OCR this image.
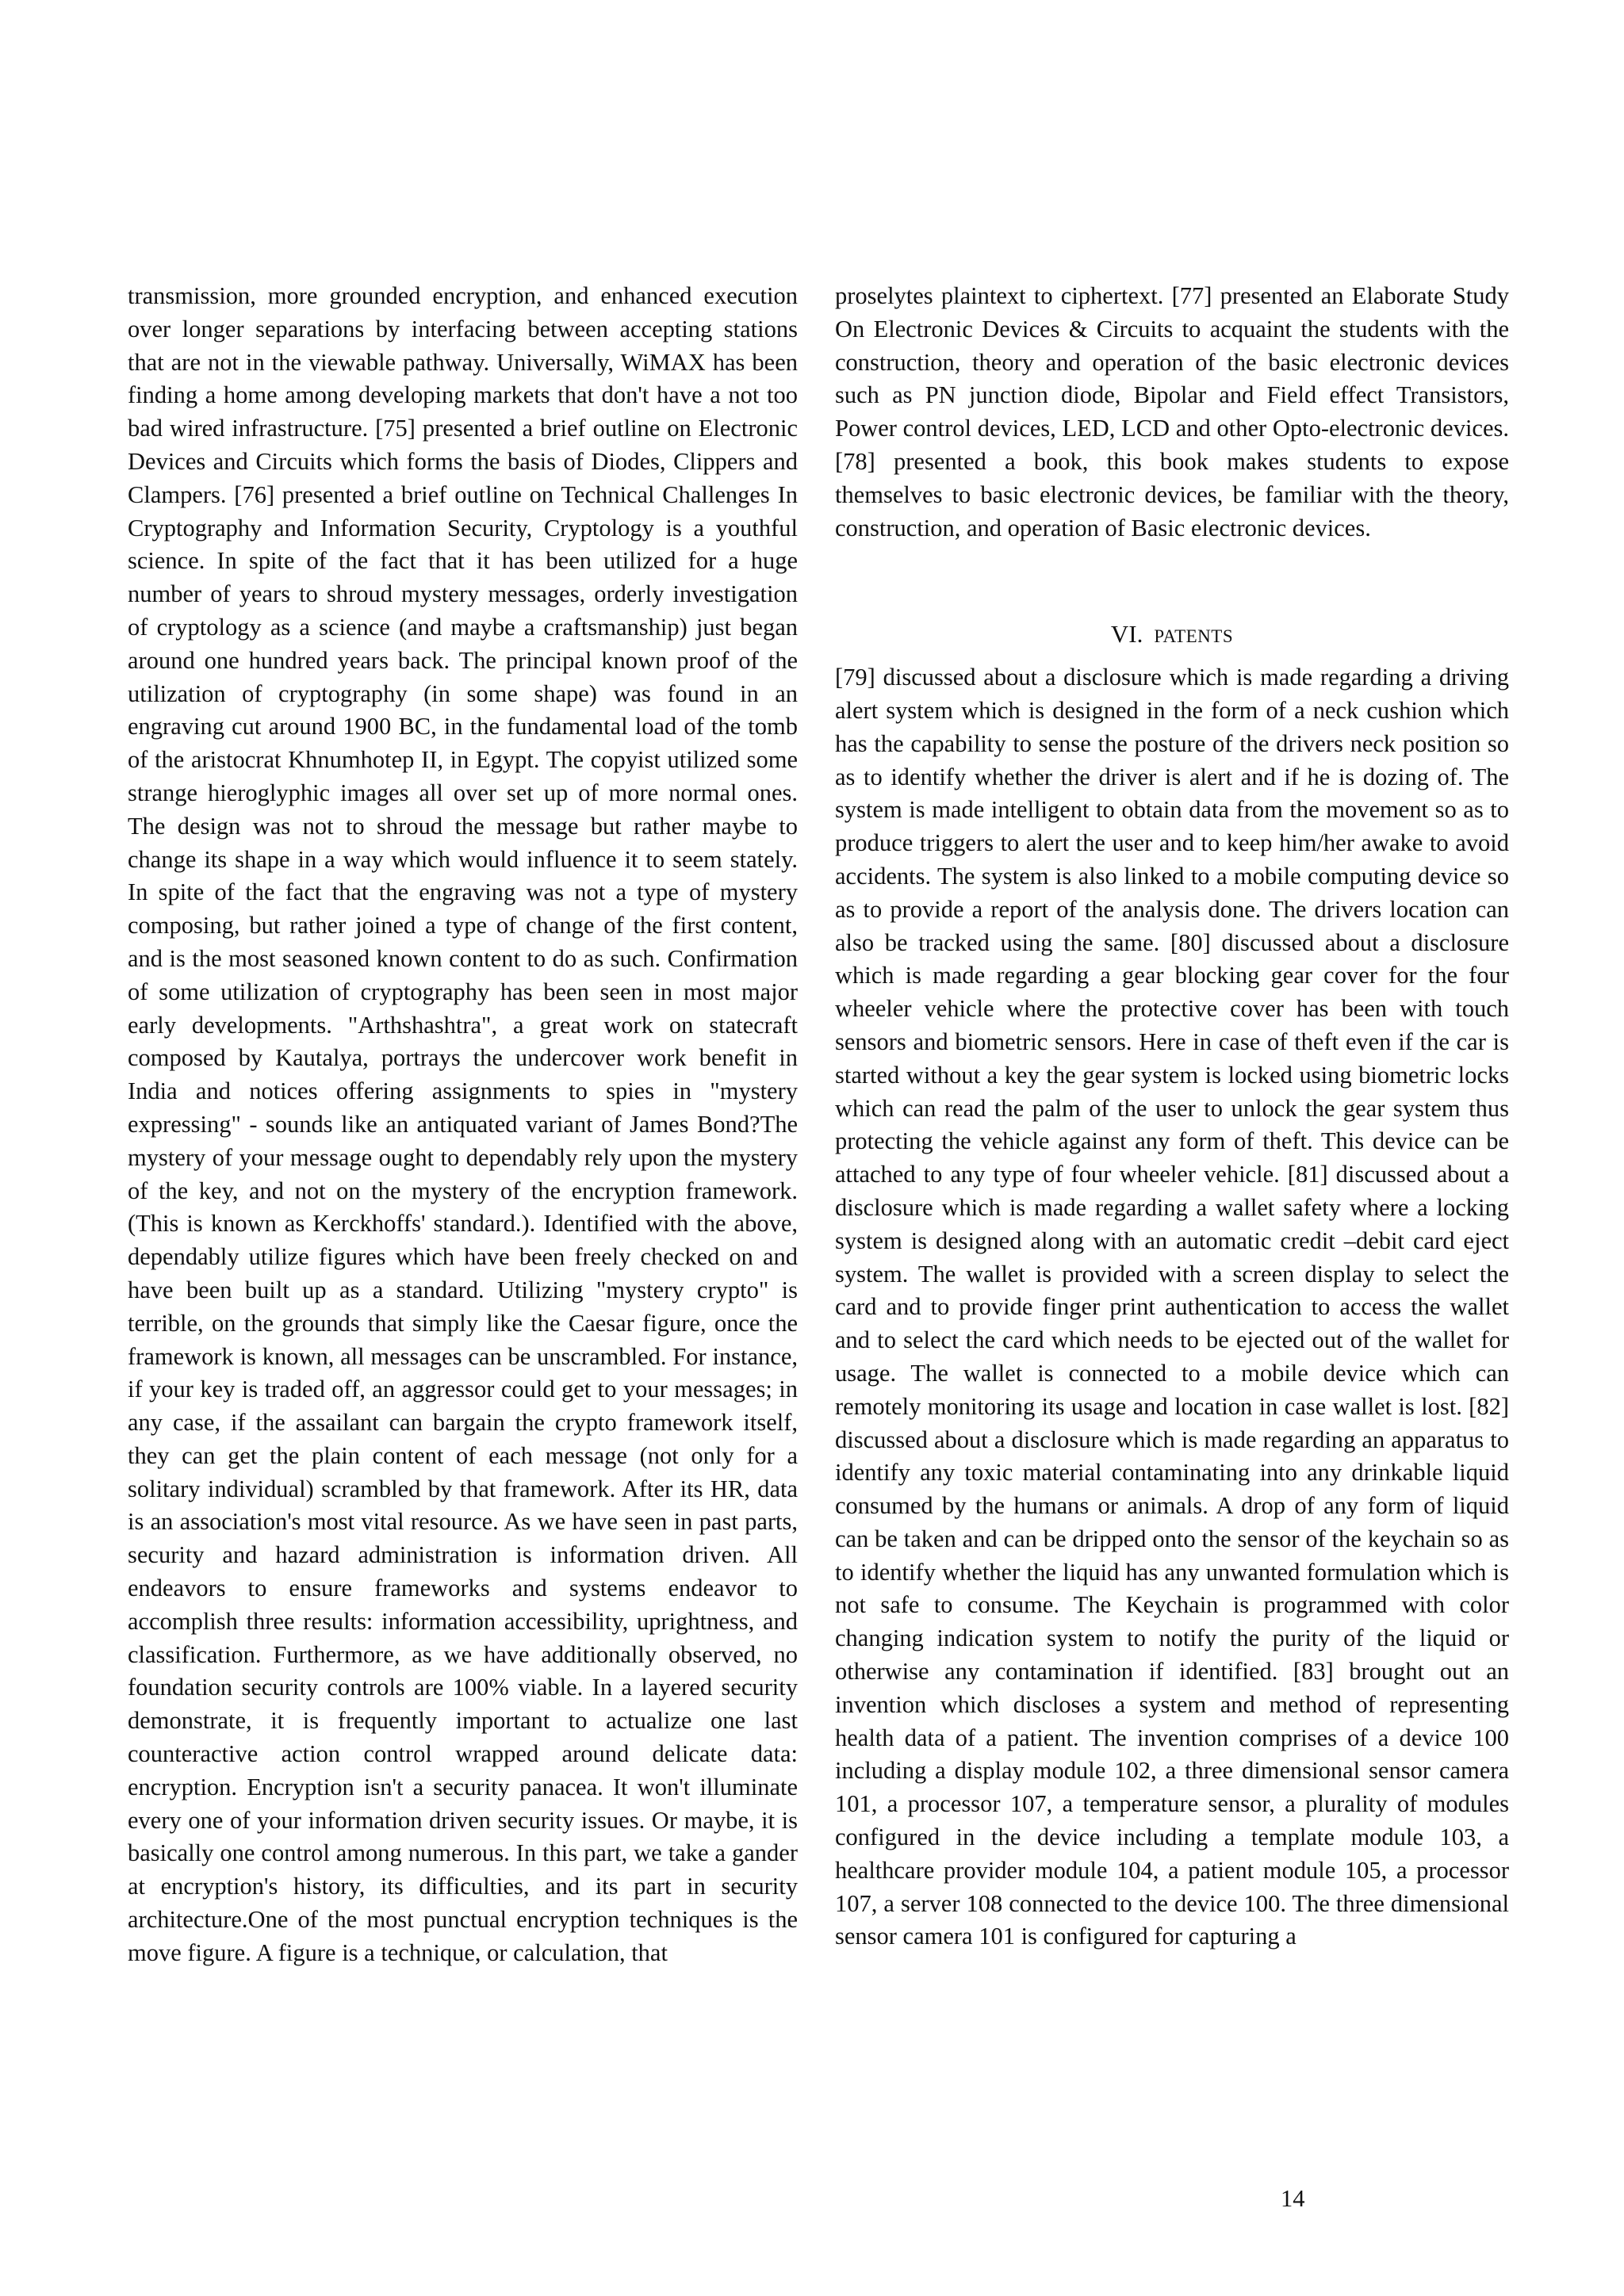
transmission, more grounded encryption, and enhanced execution over longer separations by interfacing between accepting stations that are not in the viewable pathway. Universally, WiMAX has been finding a home among developing markets that don't have a not too bad wired infrastructure. [75] presented a brief outline on Electronic Devices and Circuits which forms the basis of Diodes, Clippers and Clampers. [76] presented a brief outline on Technical Challenges In Cryptography and Information Security, Cryptology is a youthful science. In spite of the fact that it has been utilized for a huge number of years to shroud mystery messages, orderly investigation of cryptology as a science (and maybe a craftsmanship) just began around one hundred years back. The principal known proof of the utilization of cryptography (in some shape) was found in an engraving cut around 1900 BC, in the fundamental load of the tomb of the aristocrat Khnumhotep II, in Egypt. The copyist utilized some strange hieroglyphic images all over set up of more normal ones. The design was not to shroud the message but rather maybe to change its shape in a way which would influence it to seem stately. In spite of the fact that the engraving was not a type of mystery composing, but rather joined a type of change of the first content, and is the most seasoned known content to do as such. Confirmation of some utilization of cryptography has been seen in most major early developments. "Arthshashtra", a great work on statecraft composed by Kautalya, portrays the undercover work benefit in India and notices offering assignments to spies in "mystery expressing" - sounds like an antiquated variant of James Bond?The mystery of your message ought to dependably rely upon the mystery of the key, and not on the mystery of the encryption framework. (This is known as Kerckhoffs' standard.). Identified with the above, dependably utilize figures which have been freely checked on and have been built up as a standard. Utilizing "mystery crypto" is terrible, on the grounds that simply like the Caesar figure, once the framework is known, all messages can be unscrambled. For instance, if your key is traded off, an aggressor could get to your messages; in any case, if the assailant can bargain the crypto framework itself, they can get the plain content of each message (not only for a solitary individual) scrambled by that framework. After its HR, data is an association's most vital resource. As we have seen in past parts, security and hazard administration is information driven. All endeavors to ensure frameworks and systems endeavor to accomplish three results: information accessibility, uprightness, and classification. Furthermore, as we have additionally observed, no foundation security controls are 100% viable. In a layered security demonstrate, it is frequently important to actualize one last counteractive action control wrapped around delicate data: encryption. Encryption isn't a security panacea. It won't illuminate every one of your information driven security issues. Or maybe, it is basically one control among numerous. In this part, we take a gander at encryption's history, its difficulties, and its part in security architecture.One of the most punctual encryption techniques is the move figure. A figure is a technique, or calculation, that

proselytes plaintext to ciphertext. [77] presented an Elaborate Study On Electronic Devices & Circuits to acquaint the students with the construction, theory and operation of the basic electronic devices such as PN junction diode, Bipolar and Field effect Transistors, Power control devices, LED, LCD and other Opto-electronic devices. [78] presented a book, this book makes students to expose themselves to basic electronic devices, be familiar with the theory, construction, and operation of Basic electronic devices.

VI. PATENTS

[79] discussed about a disclosure which is made regarding a driving alert system which is designed in the form of a neck cushion which has the capability to sense the posture of the drivers neck position so as to identify whether the driver is alert and if he is dozing of. The system is made intelligent to obtain data from the movement so as to produce triggers to alert the user and to keep him/her awake to avoid accidents. The system is also linked to a mobile computing device so as to provide a report of the analysis done. The drivers location can also be tracked using the same. [80] discussed about a disclosure which is made regarding a gear blocking gear cover for the four wheeler vehicle where the protective cover has been with touch sensors and biometric sensors. Here in case of theft even if the car is started without a key the gear system is locked using biometric locks which can read the palm of the user to unlock the gear system thus protecting the vehicle against any form of theft. This device can be attached to any type of four wheeler vehicle. [81] discussed about a disclosure which is made regarding a wallet safety where a locking system is designed along with an automatic credit –debit card eject system. The wallet is provided with a screen display to select the card and to provide finger print authentication to access the wallet and to select the card which needs to be ejected out of the wallet for usage. The wallet is connected to a mobile device which can remotely monitoring its usage and location in case wallet is lost. [82] discussed about a disclosure which is made regarding an apparatus to identify any toxic material contaminating into any drinkable liquid consumed by the humans or animals. A drop of any form of liquid can be taken and can be dripped onto the sensor of the keychain so as to identify whether the liquid has any unwanted formulation which is not safe to consume. The Keychain is programmed with color changing indication system to notify the purity of the liquid or otherwise any contamination if identified. [83] brought out an invention which discloses a system and method of representing health data of a patient. The invention comprises of a device 100 including a display module 102, a three dimensional sensor camera 101, a processor 107, a temperature sensor, a plurality of modules configured in the device including a template module 103, a healthcare provider module 104, a patient module 105, a processor 107, a server 108 connected to the device 100. The three dimensional sensor camera 101 is configured for capturing a

14
